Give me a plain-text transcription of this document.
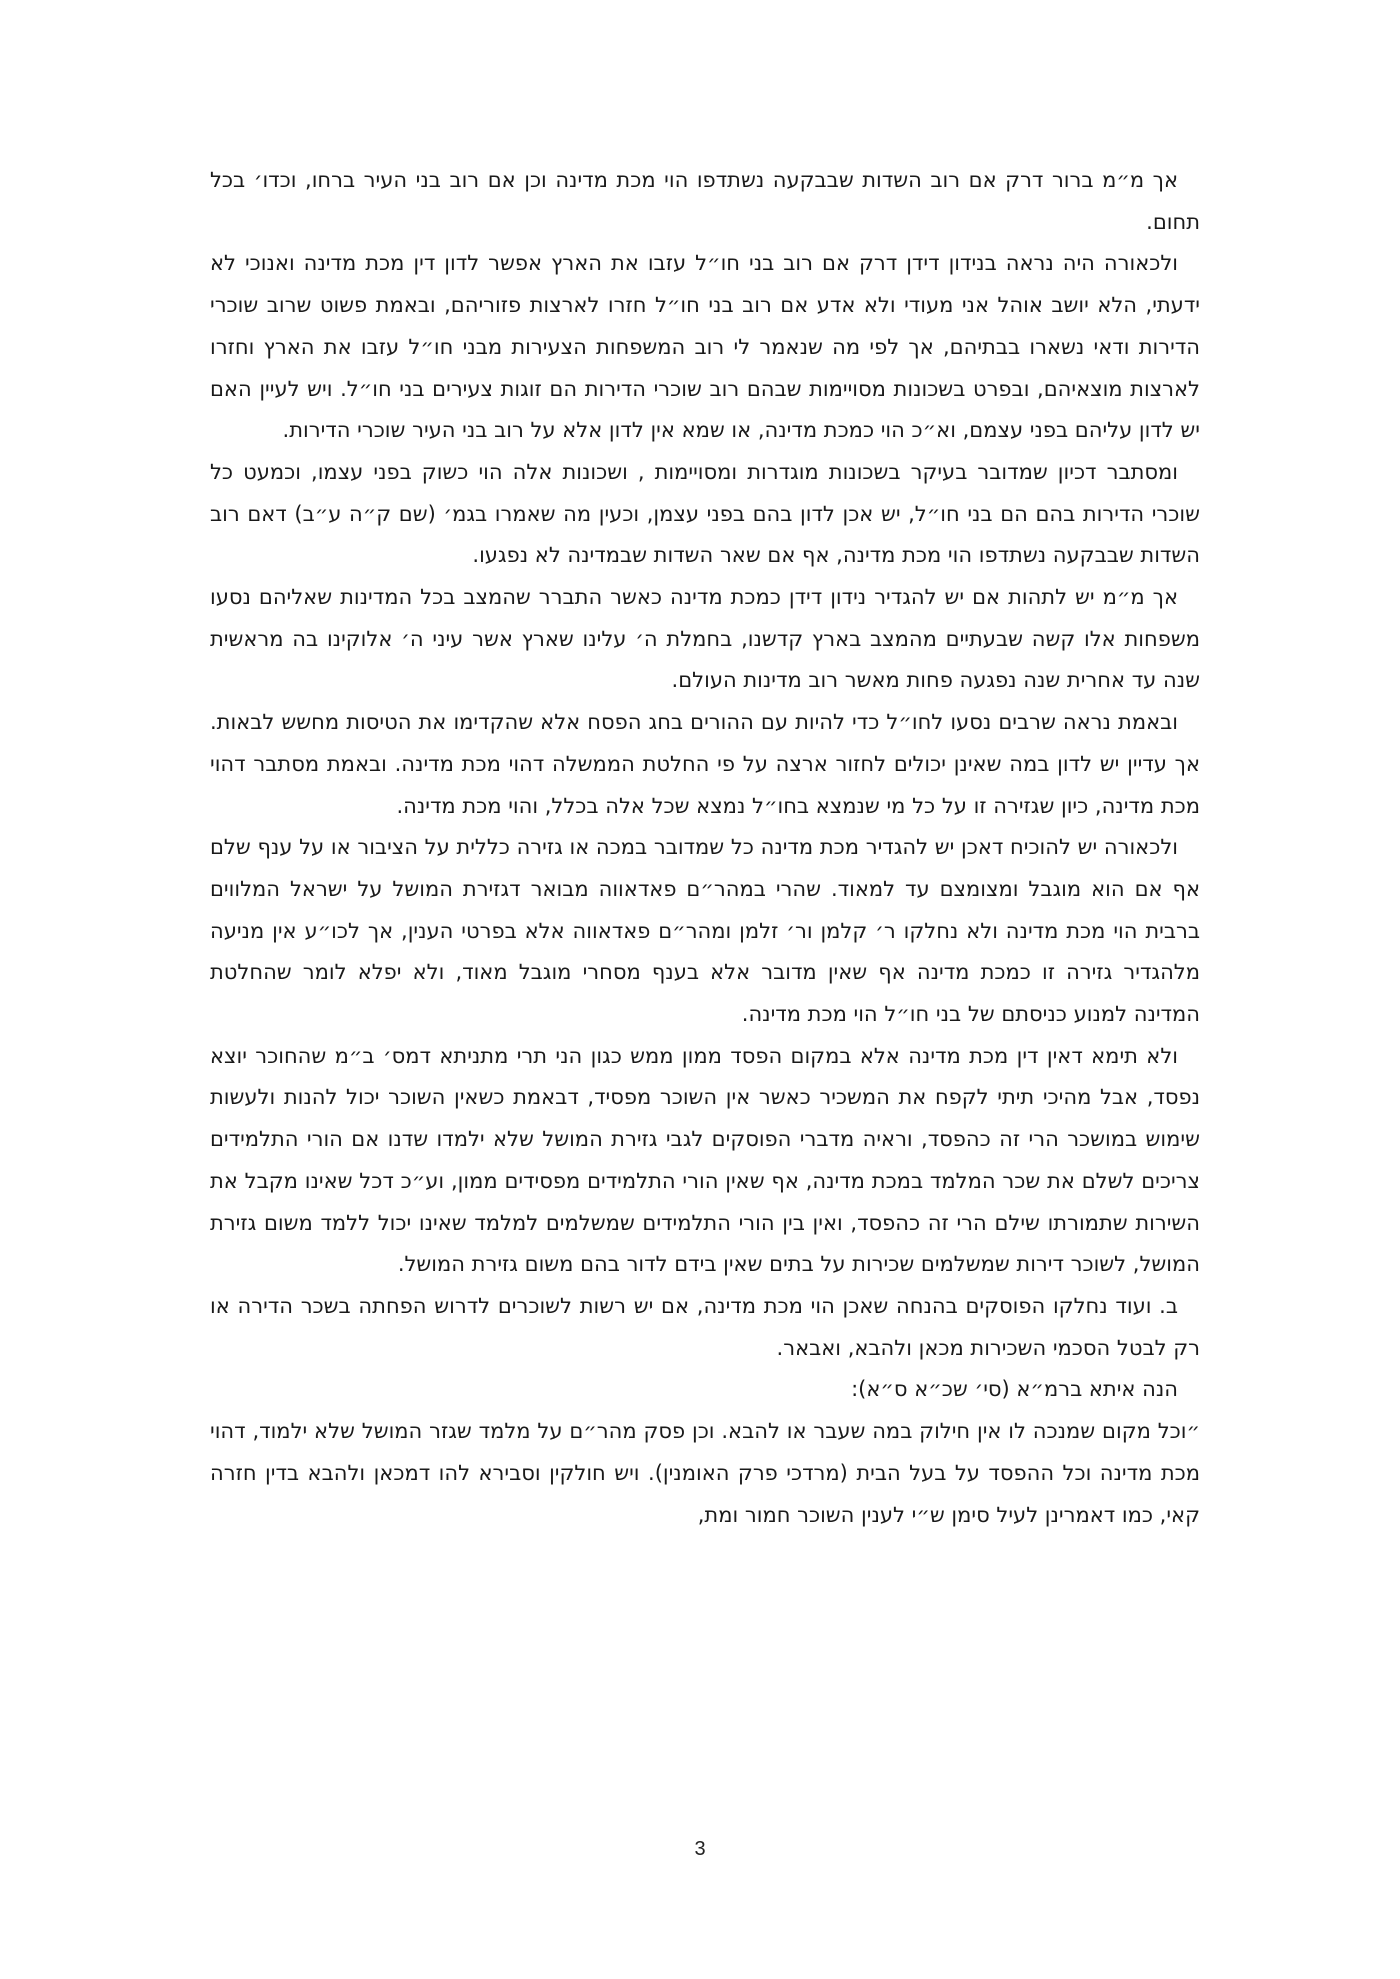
אך מ״מ ברור דרק אם רוב השדות שבבקעה נשתדפו הוי מכת מדינה וכן אם רוב בני העיר ברחו, וכדו׳ בכל תחום.

ולכאורה היה נראה בנידון דידן דרק אם רוב בני חו״ל עזבו את הארץ אפשר לדון דין מכת מדינה ואנוכי לא ידעתי, הלא יושב אוהל אני מעודי ולא אדע אם רוב בני חו״ל חזרו לארצות פזוריהם, ובאמת פשוט שרוב שוכרי הדירות ודאי נשארו בבתיהם, אך לפי מה שנאמר לי רוב המשפחות הצעירות מבני חו״ל עזבו את הארץ וחזרו לארצות מוצאיהם, ובפרט בשכונות מסויימות שבהם רוב שוכרי הדירות הם זוגות צעירים בני חו״ל. ויש לעיין האם יש לדון עליהם בפני עצמם, וא״כ הוי כמכת מדינה, או שמא אין לדון אלא על רוב בני העיר שוכרי הדירות.

ומסתבר דכיון שמדובר בעיקר בשכונות מוגדרות ומסויימות , ושכונות אלה הוי כשוק בפני עצמו, וכמעט כל שוכרי הדירות בהם הם בני חו״ל, יש אכן לדון בהם בפני עצמן, וכעין מה שאמרו בגמ׳ (שם ק״ה ע״ב) דאם רוב השדות שבבקעה נשתדפו הוי מכת מדינה, אף אם שאר השדות שבמדינה לא נפגעו.

אך מ״מ יש לתהות אם יש להגדיר נידון דידן כמכת מדינה כאשר התברר שהמצב בכל המדינות שאליהם נסעו משפחות אלו קשה שבעתיים מהמצב בארץ קדשנו, בחמלת ה׳ עלינו שארץ אשר עיני ה׳ אלוקינו בה מראשית שנה עד אחרית שנה נפגעה פחות מאשר רוב מדינות העולם.

ובאמת נראה שרבים נסעו לחו״ל כדי להיות עם ההורים בחג הפסח אלא שהקדימו את הטיסות מחשש לבאות. אך עדיין יש לדון במה שאינן יכולים לחזור ארצה על פי החלטת הממשלה דהוי מכת מדינה. ובאמת מסתבר דהוי מכת מדינה, כיון שגזירה זו על כל מי שנמצא בחו״ל נמצא שכל אלה בכלל, והוי מכת מדינה.

ולכאורה יש להוכיח דאכן יש להגדיר מכת מדינה כל שמדובר במכה או גזירה כללית על הציבור או על ענף שלם אף אם הוא מוגבל ומצומצם עד למאוד. שהרי במהר״ם פאדאווה מבואר דגזירת המושל על ישראל המלווים ברבית הוי מכת מדינה ולא נחלקו ר׳ קלמן ור׳ זלמן ומהר״ם פאדאווה אלא בפרטי הענין, אך לכו״ע אין מניעה מלהגדיר גזירה זו כמכת מדינה אף שאין מדובר אלא בענף מסחרי מוגבל מאוד, ולא יפלא לומר שהחלטת המדינה למנוע כניסתם של בני חו״ל הוי מכת מדינה.

ולא תימא דאין דין מכת מדינה אלא במקום הפסד ממון ממש כגון הני תרי מתניתא דמס׳ ב״מ שהחוכר יוצא נפסד, אבל מהיכי תיתי לקפח את המשכיר כאשר אין השוכר מפסיד, דבאמת כשאין השוכר יכול להנות ולעשות שימוש במושכר הרי זה כהפסד, וראיה מדברי הפוסקים לגבי גזירת המושל שלא ילמדו שדנו אם הורי התלמידים צריכים לשלם את שכר המלמד במכת מדינה, אף שאין הורי התלמידים מפסידים ממון, וע״כ דכל שאינו מקבל את השירות שתמורתו שילם הרי זה כהפסד, ואין בין הורי התלמידים שמשלמים למלמד שאינו יכול ללמד משום גזירת המושל, לשוכר דירות שמשלמים שכירות על בתים שאין בידם לדור בהם משום גזירת המושל.

ב. ועוד נחלקו הפוסקים בהנחה שאכן הוי מכת מדינה, אם יש רשות לשוכרים לדרוש הפחתה בשכר הדירה או רק לבטל הסכמי השכירות מכאן ולהבא, ואבאר.

הנה איתא ברמ״א (סי׳ שכ״א ס״א):

״וכל מקום שמנכה לו אין חילוק במה שעבר או להבא. וכן פסק מהר״ם על מלמד שגזר המושל שלא ילמוד, דהוי מכת מדינה וכל ההפסד על בעל הבית (מרדכי פרק האומנין). ויש חולקין וסבירא להו דמכאן ולהבא בדין חזרה קאי, כמו דאמרינן לעיל סימן ש״י לענין השוכר חמור ומת,

3
